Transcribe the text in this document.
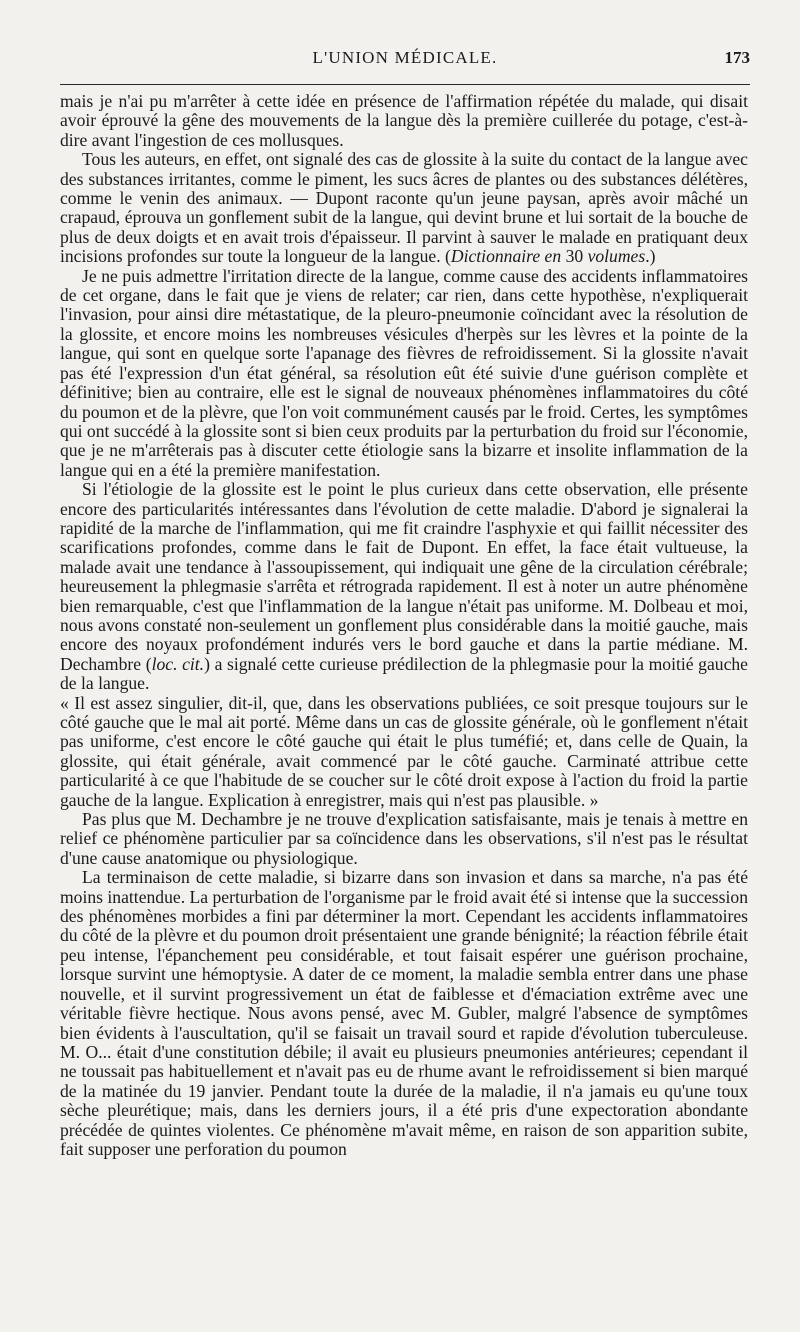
L'UNION MÉDICALE.	173

mais je n'ai pu m'arrêter à cette idée en présence de l'affirmation répétée du malade, qui disait avoir éprouvé la gêne des mouvements de la langue dès la première cuillerée du potage, c'est-à-dire avant l'ingestion de ces mollusques.

Tous les auteurs, en effet, ont signalé des cas de glossite à la suite du contact de la langue avec des substances irritantes, comme le piment, les sucs âcres de plantes ou des substances délétères, comme le venin des animaux. — Dupont raconte qu'un jeune paysan, après avoir mâché un crapaud, éprouva un gonflement subit de la langue, qui devint brune et lui sortait de la bouche de plus de deux doigts et en avait trois d'épaisseur. Il parvint à sauver le malade en pratiquant deux incisions profondes sur toute la longueur de la langue. (Dictionnaire en 30 volumes.)

Je ne puis admettre l'irritation directe de la langue, comme cause des accidents inflammatoires de cet organe, dans le fait que je viens de relater; car rien, dans cette hypothèse, n'expliquerait l'invasion, pour ainsi dire métastatique, de la pleuro-pneumonie coïncidant avec la résolution de la glossite, et encore moins les nombreuses vésicules d'herpès sur les lèvres et la pointe de la langue, qui sont en quelque sorte l'apanage des fièvres de refroidissement. Si la glossite n'avait pas été l'expression d'un état général, sa résolution eût été suivie d'une guérison complète et définitive; bien au contraire, elle est le signal de nouveaux phénomènes inflammatoires du côté du poumon et de la plèvre, que l'on voit communément causés par le froid. Certes, les symptômes qui ont succédé à la glossite sont si bien ceux produits par la perturbation du froid sur l'économie, que je ne m'arrêterais pas à discuter cette étiologie sans la bizarre et insolite inflammation de la langue qui en a été la première manifestation.

Si l'étiologie de la glossite est le point le plus curieux dans cette observation, elle présente encore des particularités intéressantes dans l'évolution de cette maladie. D'abord je signalerai la rapidité de la marche de l'inflammation, qui me fit craindre l'asphyxie et qui faillit nécessiter des scarifications profondes, comme dans le fait de Dupont. En effet, la face était vultueuse, la malade avait une tendance à l'assoupissement, qui indiquait une gêne de la circulation cérébrale; heureusement la phlegmasie s'arrêta et rétrograda rapidement. Il est à noter un autre phénomène bien remarquable, c'est que l'inflammation de la langue n'était pas uniforme. M. Dolbeau et moi, nous avons constaté non-seulement un gonflement plus considérable dans la moitié gauche, mais encore des noyaux profondément indurés vers le bord gauche et dans la partie médiane. M. Dechambre (loc. cit.) a signalé cette curieuse prédilection de la phlegmasie pour la moitié gauche de la langue.

« Il est assez singulier, dit-il, que, dans les observations publiées, ce soit presque toujours sur le côté gauche que le mal ait porté. Même dans un cas de glossite générale, où le gonflement n'était pas uniforme, c'est encore le côté gauche qui était le plus tuméfié; et, dans celle de Quain, la glossite, qui était générale, avait commencé par le côté gauche. Carminaté attribue cette particularité à ce que l'habitude de se coucher sur le côté droit expose à l'action du froid la partie gauche de la langue. Explication à enregistrer, mais qui n'est pas plausible. »

Pas plus que M. Dechambre je ne trouve d'explication satisfaisante, mais je tenais à mettre en relief ce phénomène particulier par sa coïncidence dans les observations, s'il n'est pas le résultat d'une cause anatomique ou physiologique.

La terminaison de cette maladie, si bizarre dans son invasion et dans sa marche, n'a pas été moins inattendue. La perturbation de l'organisme par le froid avait été si intense que la succession des phénomènes morbides a fini par déterminer la mort. Cependant les accidents inflammatoires du côté de la plèvre et du poumon droit présentaient une grande bénignité; la réaction fébrile était peu intense, l'épanchement peu considérable, et tout faisait espérer une guérison prochaine, lorsque survint une hémoptysie. A dater de ce moment, la maladie sembla entrer dans une phase nouvelle, et il survint progressivement un état de faiblesse et d'émaciation extrême avec une véritable fièvre hectique. Nous avons pensé, avec M. Gubler, malgré l'absence de symptômes bien évidents à l'auscultation, qu'il se faisait un travail sourd et rapide d'évolution tuberculeuse. M. O... était d'une constitution débile; il avait eu plusieurs pneumonies antérieures; cependant il ne toussait pas habituellement et n'avait pas eu de rhume avant le refroidissement si bien marqué de la matinée du 19 janvier. Pendant toute la durée de la maladie, il n'a jamais eu qu'une toux sèche pleurétique; mais, dans les derniers jours, il a été pris d'une expectoration abondante précédée de quintes violentes. Ce phénomène m'avait même, en raison de son apparition subite, fait supposer une perforation du poumon
